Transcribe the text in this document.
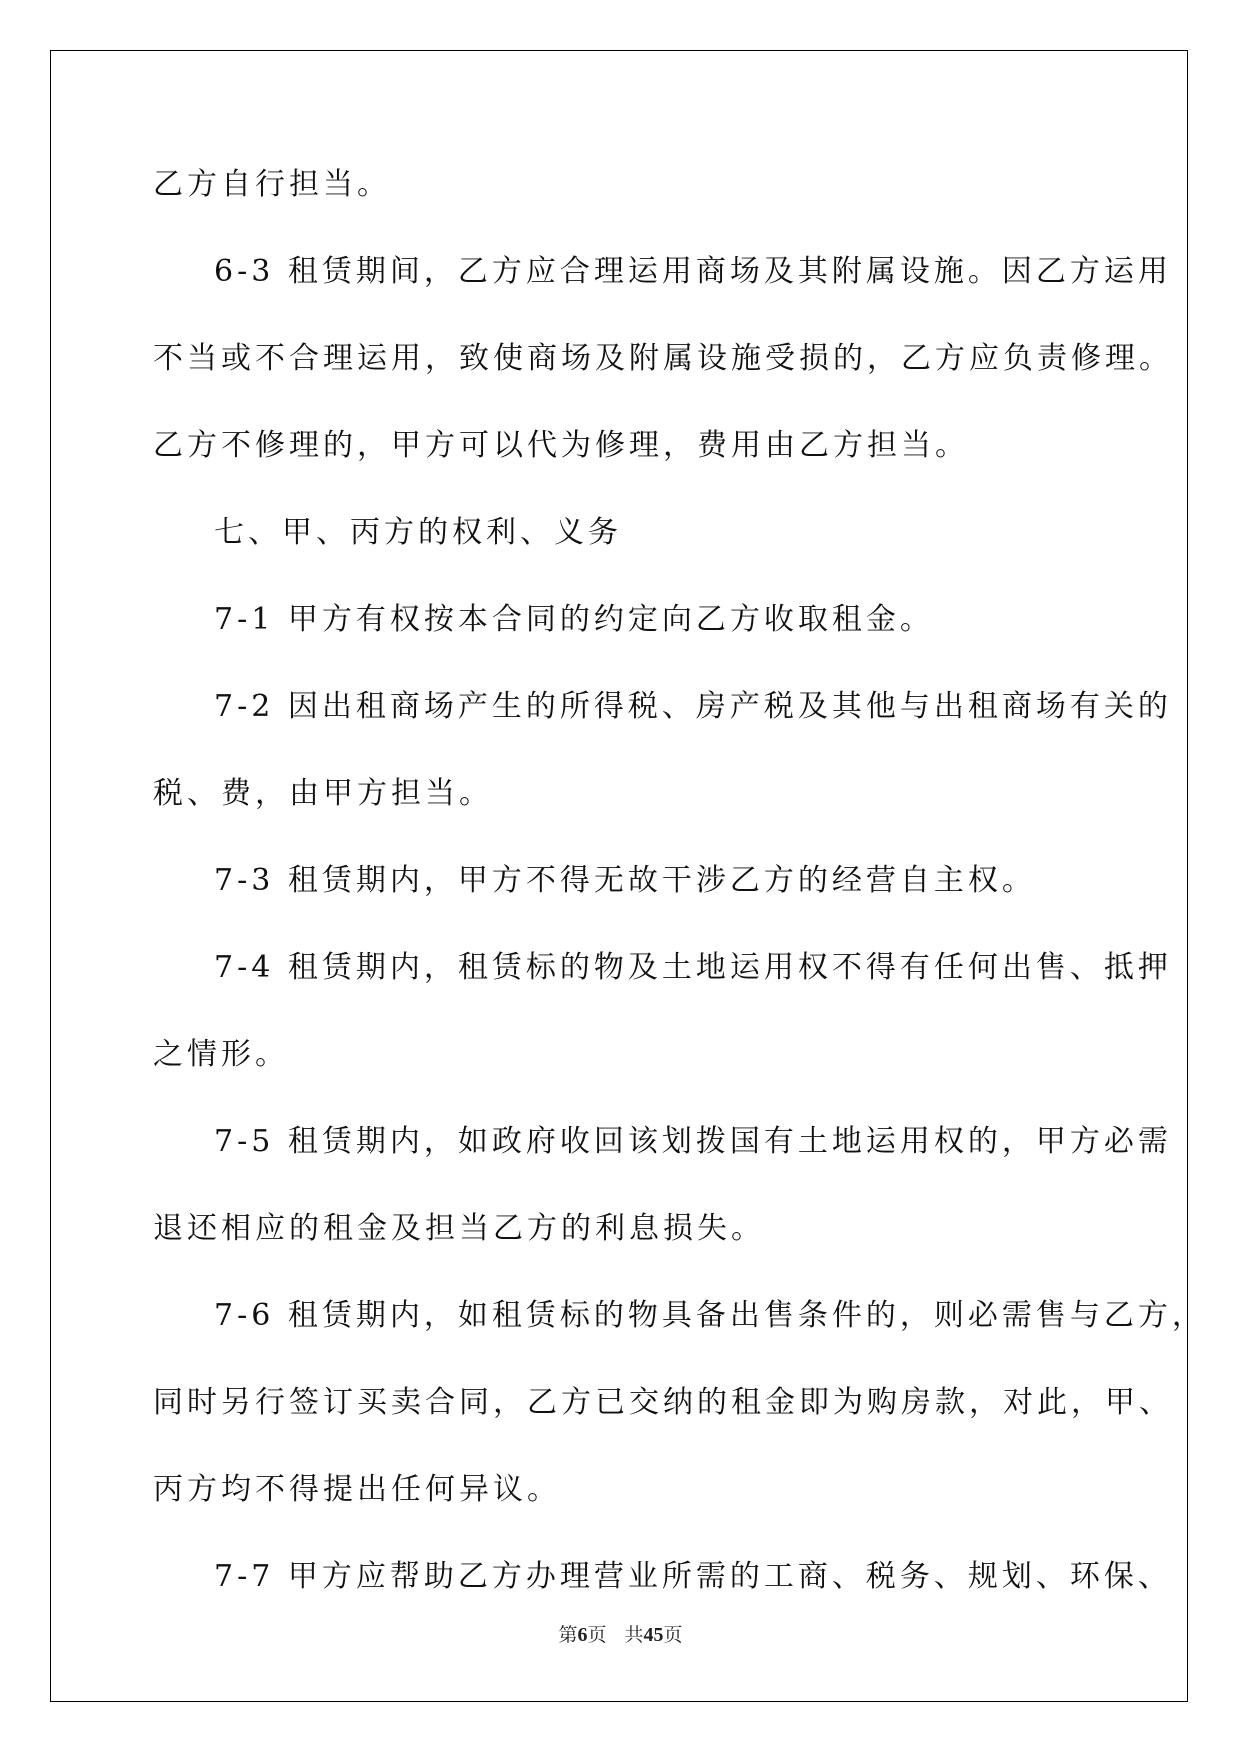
乙方自行担当。
6-3 租赁期间，乙方应合理运用商场及其附属设施。因乙方运用
不当或不合理运用，致使商场及附属设施受损的，乙方应负责修理。
乙方不修理的，甲方可以代为修理，费用由乙方担当。
七、甲、丙方的权利、义务
7-1 甲方有权按本合同的约定向乙方收取租金。
7-2 因出租商场产生的所得税、房产税及其他与出租商场有关的
税、费，由甲方担当。
7-3 租赁期内，甲方不得无故干涉乙方的经营自主权。
7-4 租赁期内，租赁标的物及土地运用权不得有任何出售、抵押
之情形。
7-5 租赁期内，如政府收回该划拨国有土地运用权的，甲方必需
退还相应的租金及担当乙方的利息损失。
7-6 租赁期内，如租赁标的物具备出售条件的，则必需售与乙方，
同时另行签订买卖合同，乙方已交纳的租金即为购房款，对此，甲、
丙方均不得提出任何异议。
7-7 甲方应帮助乙方办理营业所需的工商、税务、规划、环保、
第6页 共45页
